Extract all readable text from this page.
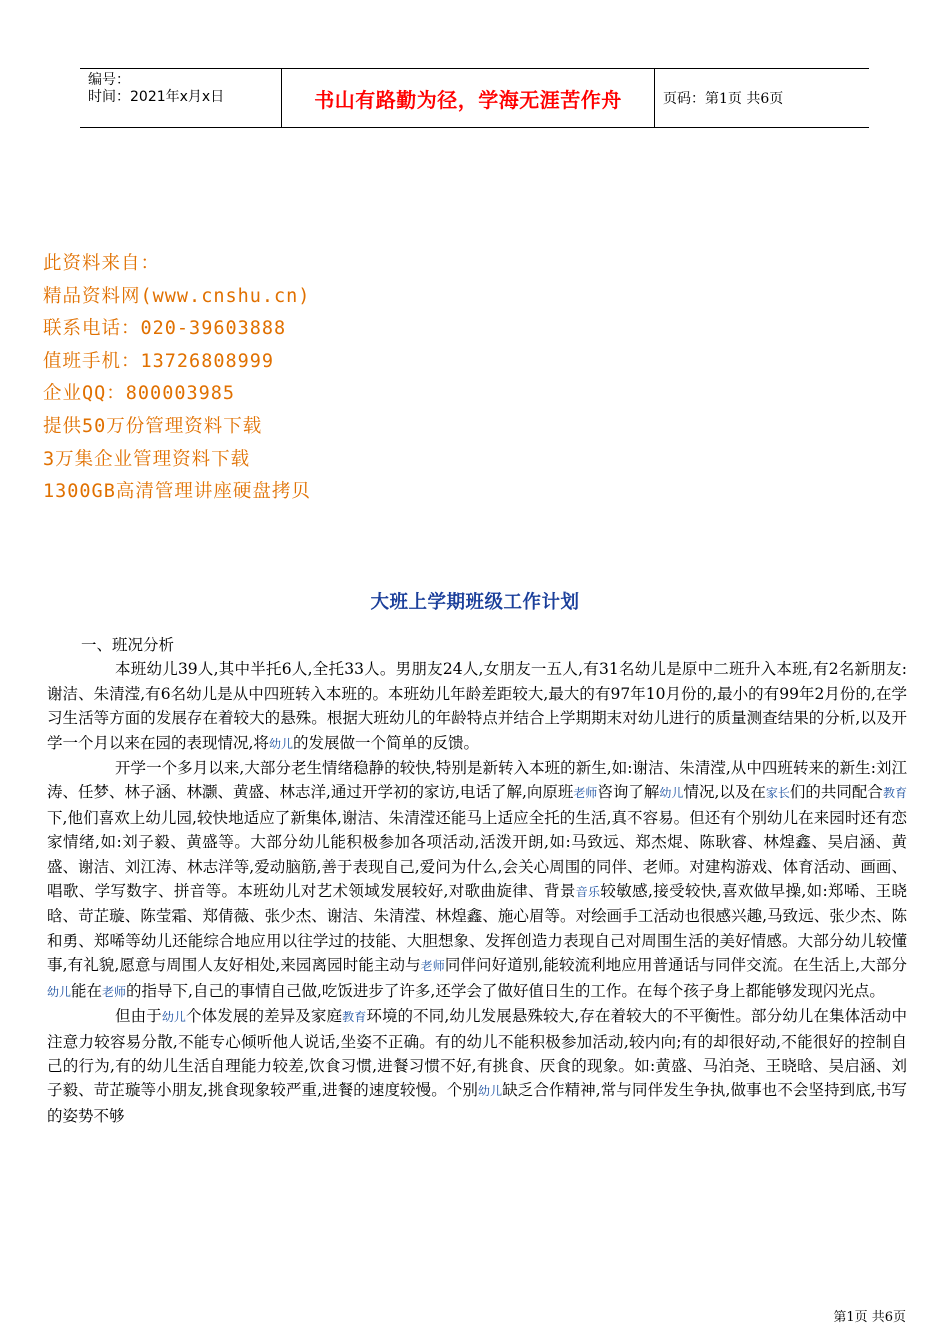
编号：
时间：2021年x月x日	书山有路勤为径，学海无涯苦作舟	页码：第1页 共6页
此资料来自：
精品资料网(www.cnshu.cn)
联系电话：020-39603888
值班手机：13726808999
企业QQ：800003985
提供50万份管理资料下载
3万集企业管理资料下载
1300GB高清管理讲座硬盘拷贝
大班上学期班级工作计划

一、班况分析

本班幼儿39人,其中半托6人,全托33人。男朋友24人,女朋友一五人,有31名幼儿是原中二班升入本班,有2名新朋友:谢洁、朱清滢,有6名幼儿是从中四班转入本班的。本班幼儿年龄差距较大,最大的有97年10月份的,最小的有99年2月份的,在学习生活等方面的发展存在着较大的悬殊。根据大班幼儿的年龄特点并结合上学期期末对幼儿进行的质量测查结果的分析,以及开学一个月以来在园的表现情况,将幼儿的发展做一个简单的反馈。

开学一个多月以来,大部分老生情绪稳静的较快,特别是新转入本班的新生,如:谢洁、朱清滢,从中四班转来的新生:刘江涛、任梦、林子涵、林灏、黄盛、林志洋,通过开学初的家访,电话了解,向原班老师咨询了解幼儿情况,以及在家长们的共同配合教育下,他们喜欢上幼儿园,较快地适应了新集体,谢洁、朱清滢还能马上适应全托的生活,真不容易。但还有个别幼儿在来园时还有恋家情绪,如:刘子毅、黄盛等。大部分幼儿能积极参加各项活动,活泼开朗,如:马致远、郑杰焜、陈耿睿、林煌鑫、吴启涵、黄盛、谢洁、刘江涛、林志洋等,爱动脑筋,善于表现自己,爱问为什么,会关心周围的同伴、老师。对建构游戏、体育活动、画画、唱歌、学写数字、拼音等。本班幼儿对艺术领域发展较好,对歌曲旋律、背景音乐较敏感,接受较快,喜欢做早操,如:郑唏、王晓晗、苛芷璇、陈莹霜、郑倩薇、张少杰、谢洁、朱清滢、林煌鑫、施心眉等。对绘画手工活动也很感兴趣,马致远、张少杰、陈和勇、郑唏等幼儿还能综合地应用以往学过的技能、大胆想象、发挥创造力表现自己对周围生活的美好情感。大部分幼儿较懂事,有礼貌,愿意与周围人友好相处,来园离园时能主动与老师同伴问好道别,能较流利地应用普通话与同伴交流。在生活上,大部分幼儿能在老师的指导下,自己的事情自己做,吃饭进步了许多,还学会了做好值日生的工作。在每个孩子身上都能够发现闪光点。

但由于幼儿个体发展的差异及家庭教育环境的不同,幼儿发展悬殊较大,存在着较大的不平衡性。部分幼儿在集体活动中注意力较容易分散,不能专心倾听他人说话,坐姿不正确。有的幼儿不能积极参加活动,较内向;有的却很好动,不能很好的控制自己的行为,有的幼儿生活自理能力较差,饮食习惯,进餐习惯不好,有挑食、厌食的现象。如:黄盛、马泊尧、王晓晗、吴启涵、刘子毅、苛芷璇等小朋友,挑食现象较严重,进餐的速度较慢。个别幼儿缺乏合作精神,常与同伴发生争执,做事也不会坚持到底,书写的姿势不够

第1页 共6页
